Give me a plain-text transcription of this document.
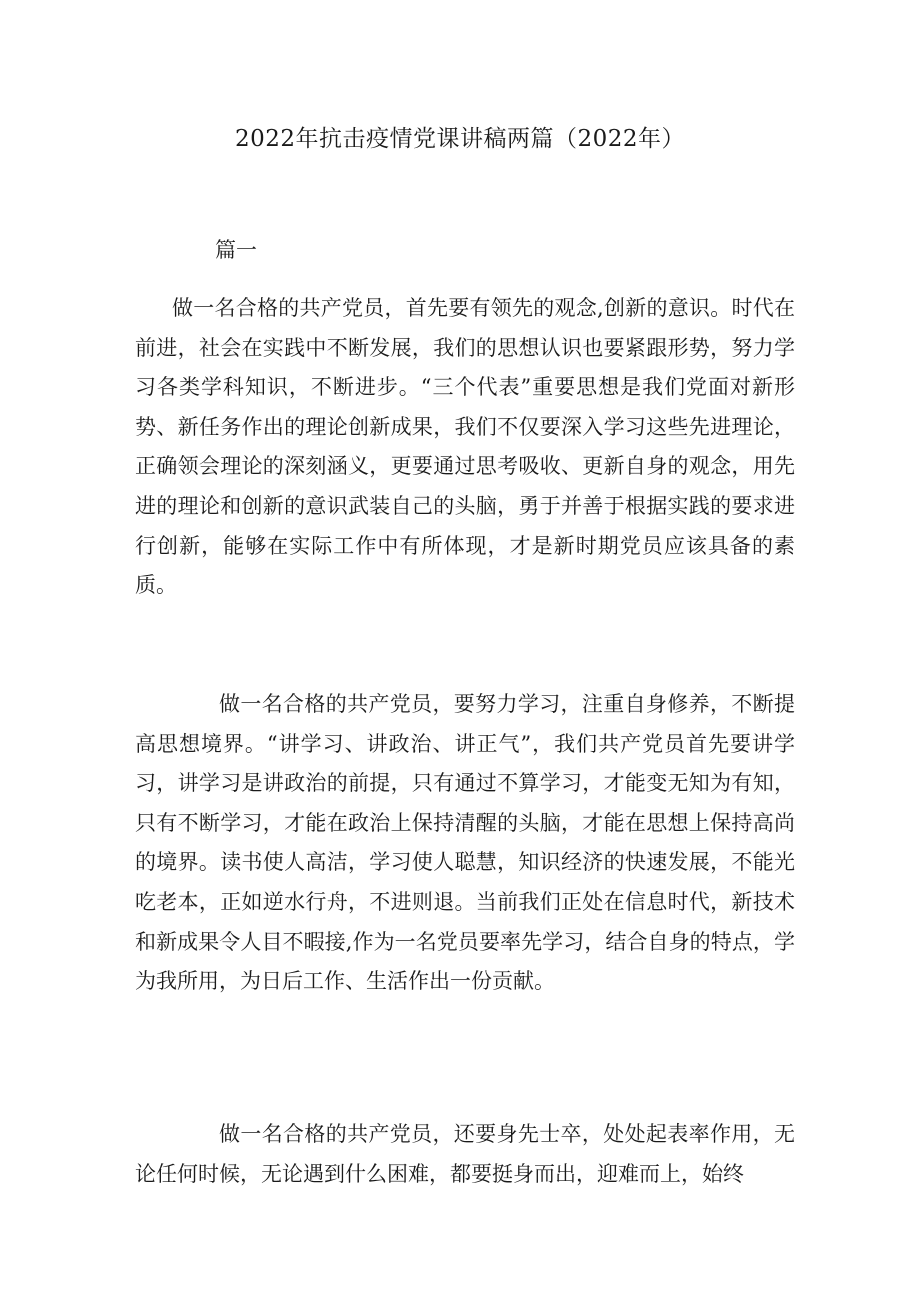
2022年抗击疫情党课讲稿两篇（2022年）
篇一

做一名合格的共产党员，首先要有领先的观念,创新的意识。时代在前进，社会在实践中不断发展，我们的思想认识也要紧跟形势，努力学习各类学科知识，不断进步。“三个代表”重要思想是我们党面对新形势、新任务作出的理论创新成果，我们不仅要深入学习这些先进理论，正确领会理论的深刻涵义，更要通过思考吸收、更新自身的观念，用先进的理论和创新的意识武装自己的头脑，勇于并善于根据实践的要求进行创新，能够在实际工作中有所体现，才是新时期党员应该具备的素质。

做一名合格的共产党员，要努力学习，注重自身修养，不断提高思想境界。“讲学习、讲政治、讲正气”，我们共产党员首先要讲学习，讲学习是讲政治的前提，只有通过不算学习，才能变无知为有知，只有不断学习，才能在政治上保持清醒的头脑，才能在思想上保持高尚的境界。读书使人高洁，学习使人聪慧，知识经济的快速发展，不能光吃老本，正如逆水行舟，不进则退。当前我们正处在信息时代，新技术和新成果令人目不暇接,作为一名党员要率先学习，结合自身的特点，学为我所用，为日后工作、生活作出一份贡献。

做一名合格的共产党员，还要身先士卒，处处起表率作用，无论任何时候，无论遇到什么困难，都要挺身而出，迎难而上，始终
